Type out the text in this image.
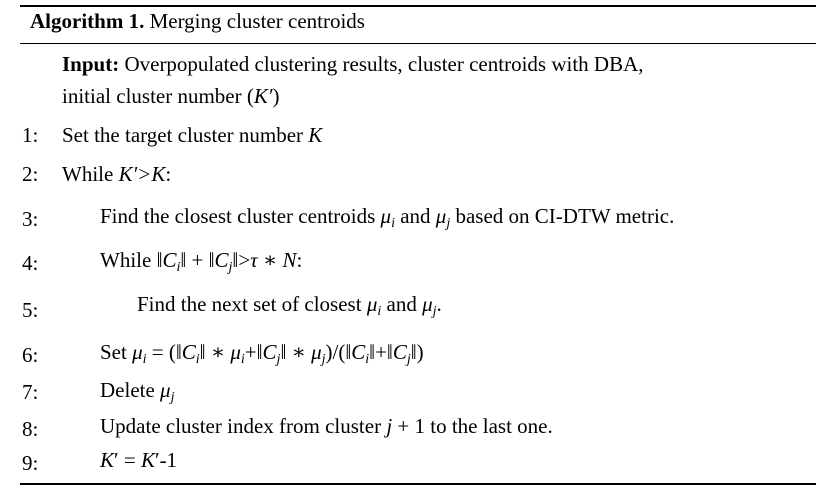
Algorithm 1. Merging cluster centroids
Input: Overpopulated clustering results, cluster centroids with DBA,
initial cluster number (K′)
1: Set the target cluster number K
2: While K′>K:
3:	Find the closest cluster centroids $\mu_i$ and $\mu_j$ based on CI-DTW metric.
4:	While $‖C_i‖$ + $‖C_j‖>\tau$ ∗ N:
5:	Find the next set of closest $\mu_i$ and $\mu_j$.
6:	Set $\mu_i$ = ($‖C_i‖$ ∗ $\mu_i+‖C_j‖$ ∗ $\mu_j)/(‖C_i‖+‖C_j‖)$
7:	Delete $\mu_j$
8:	Update cluster index from cluster j + 1 to the last one.
9:	K′ = K′-1
